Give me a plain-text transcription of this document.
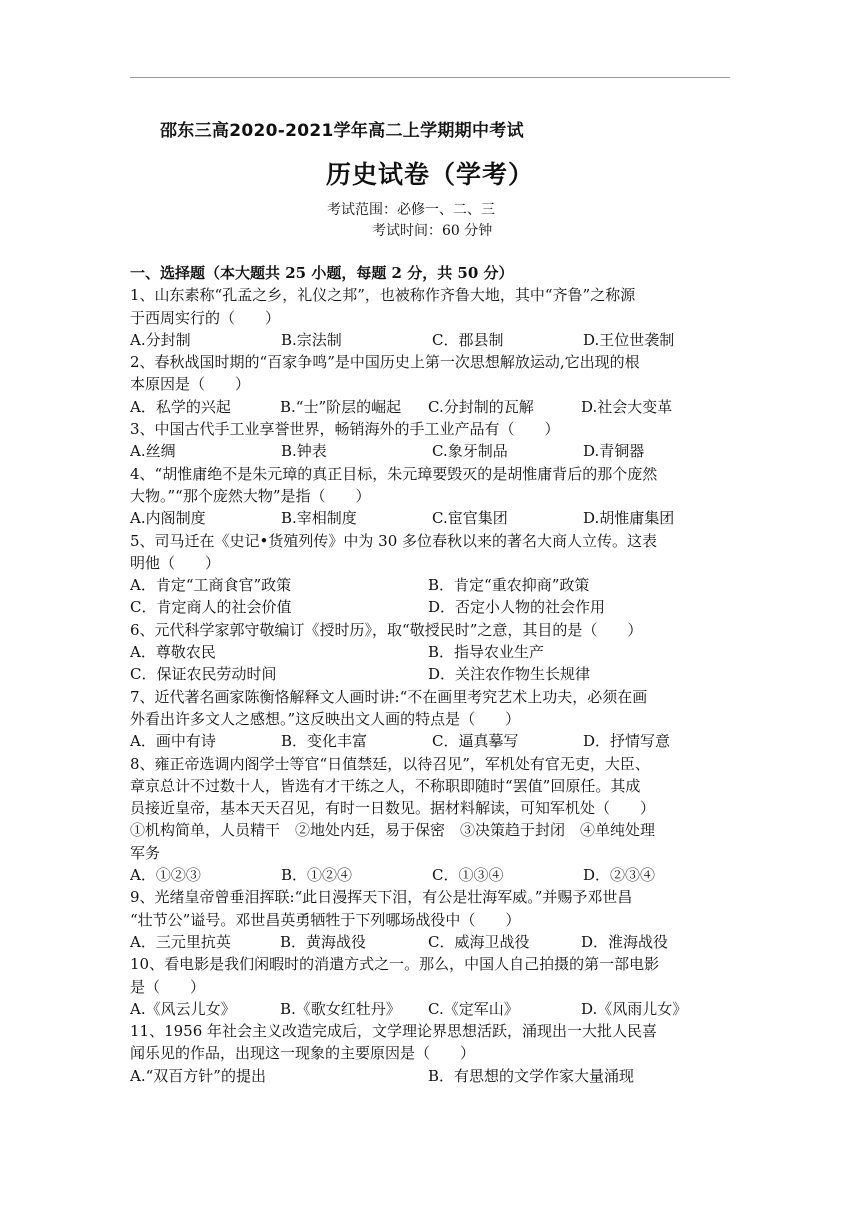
邵东三高2020-2021学年高二上学期期中考试
历史试卷（学考）
考试范围：必修一、二、三
考试时间：60 分钟
一、选择题（本大题共 25 小题，每题 2 分，共 50 分）
1、山东素称“孔孟之乡，礼仪之邦”，也被称作齐鲁大地，其中“齐鲁”之称源
于西周实行的（　　）
A.分封制	B.宗法制	C．郡县制	D.王位世袭制
2、春秋战国时期的“百家争鸣”是中国历史上第一次思想解放运动,它出现的根
本原因是（　　）
A．私学的兴起	B.“士”阶层的崛起	C.分封制的瓦解	D.社会大变革
3、中国古代手工业享誉世界，畅销海外的手工业产品有（　　）
A.丝绸	B.钟表	C.象牙制品	D.青铜器
4、“胡惟庸绝不是朱元璋的真正目标，朱元璋要毁灭的是胡惟庸背后的那个庞然
大物。”“那个庞然大物”是指（　　）
A.内阁制度	B.宰相制度	C.宦官集团	D.胡惟庸集团
5、司马迁在《史记•货殖列传》中为 30 多位春秋以来的著名大商人立传。这表
明他（　　）
A．肯定“工商食官”政策	B．肯定“重农抑商”政策
C．肯定商人的社会价值	D．否定小人物的社会作用
6、元代科学家郭守敬编订《授时历》，取“敬授民时”之意，其目的是（　　）
A．尊敬农民	B．指导农业生产
C．保证农民劳动时间	D．关注农作物生长规律
7、近代著名画家陈衡恪解释文人画时讲:“不在画里考究艺术上功夫，必须在画
外看出许多文人之感想。”这反映出文人画的特点是（　　）
A．画中有诗	B．变化丰富	C．逼真摹写	D．抒情写意
8、雍正帝选调内阁学士等官“日值禁廷，以待召见”，军机处有官无吏，大臣、
章京总计不过数十人，皆选有才干练之人，不称职即随时“罢值”回原任。其成
员接近皇帝，基本天天召见，有时一日数见。据材料解读，可知军机处（　　）
①机构简单，人员精干　②地处内廷，易于保密　③决策趋于封闭　④单纯处理
军务
A．①②③	B．①②④	C．①③④	D．②③④
9、光绪皇帝曾垂泪挥联:“此日漫挥天下泪，有公是壮海军威。”并赐予邓世昌
“壮节公”谥号。邓世昌英勇牺牲于下列哪场战役中（　　）
A．三元里抗英	B．黄海战役	C．威海卫战役	D．淮海战役
10、看电影是我们闲暇时的消遣方式之一。那么，中国人自己拍摄的第一部电影
是（　　）
A.《风云儿女》	B.《歌女红牡丹》	C.《定军山》	D.《风雨儿女》
11、1956 年社会主义改造完成后，文学理论界思想活跃，涌现出一大批人民喜
闻乐见的作品，出现这一现象的主要原因是（　　）
A.“双百方针”的提出	B．有思想的文学作家大量涌现
